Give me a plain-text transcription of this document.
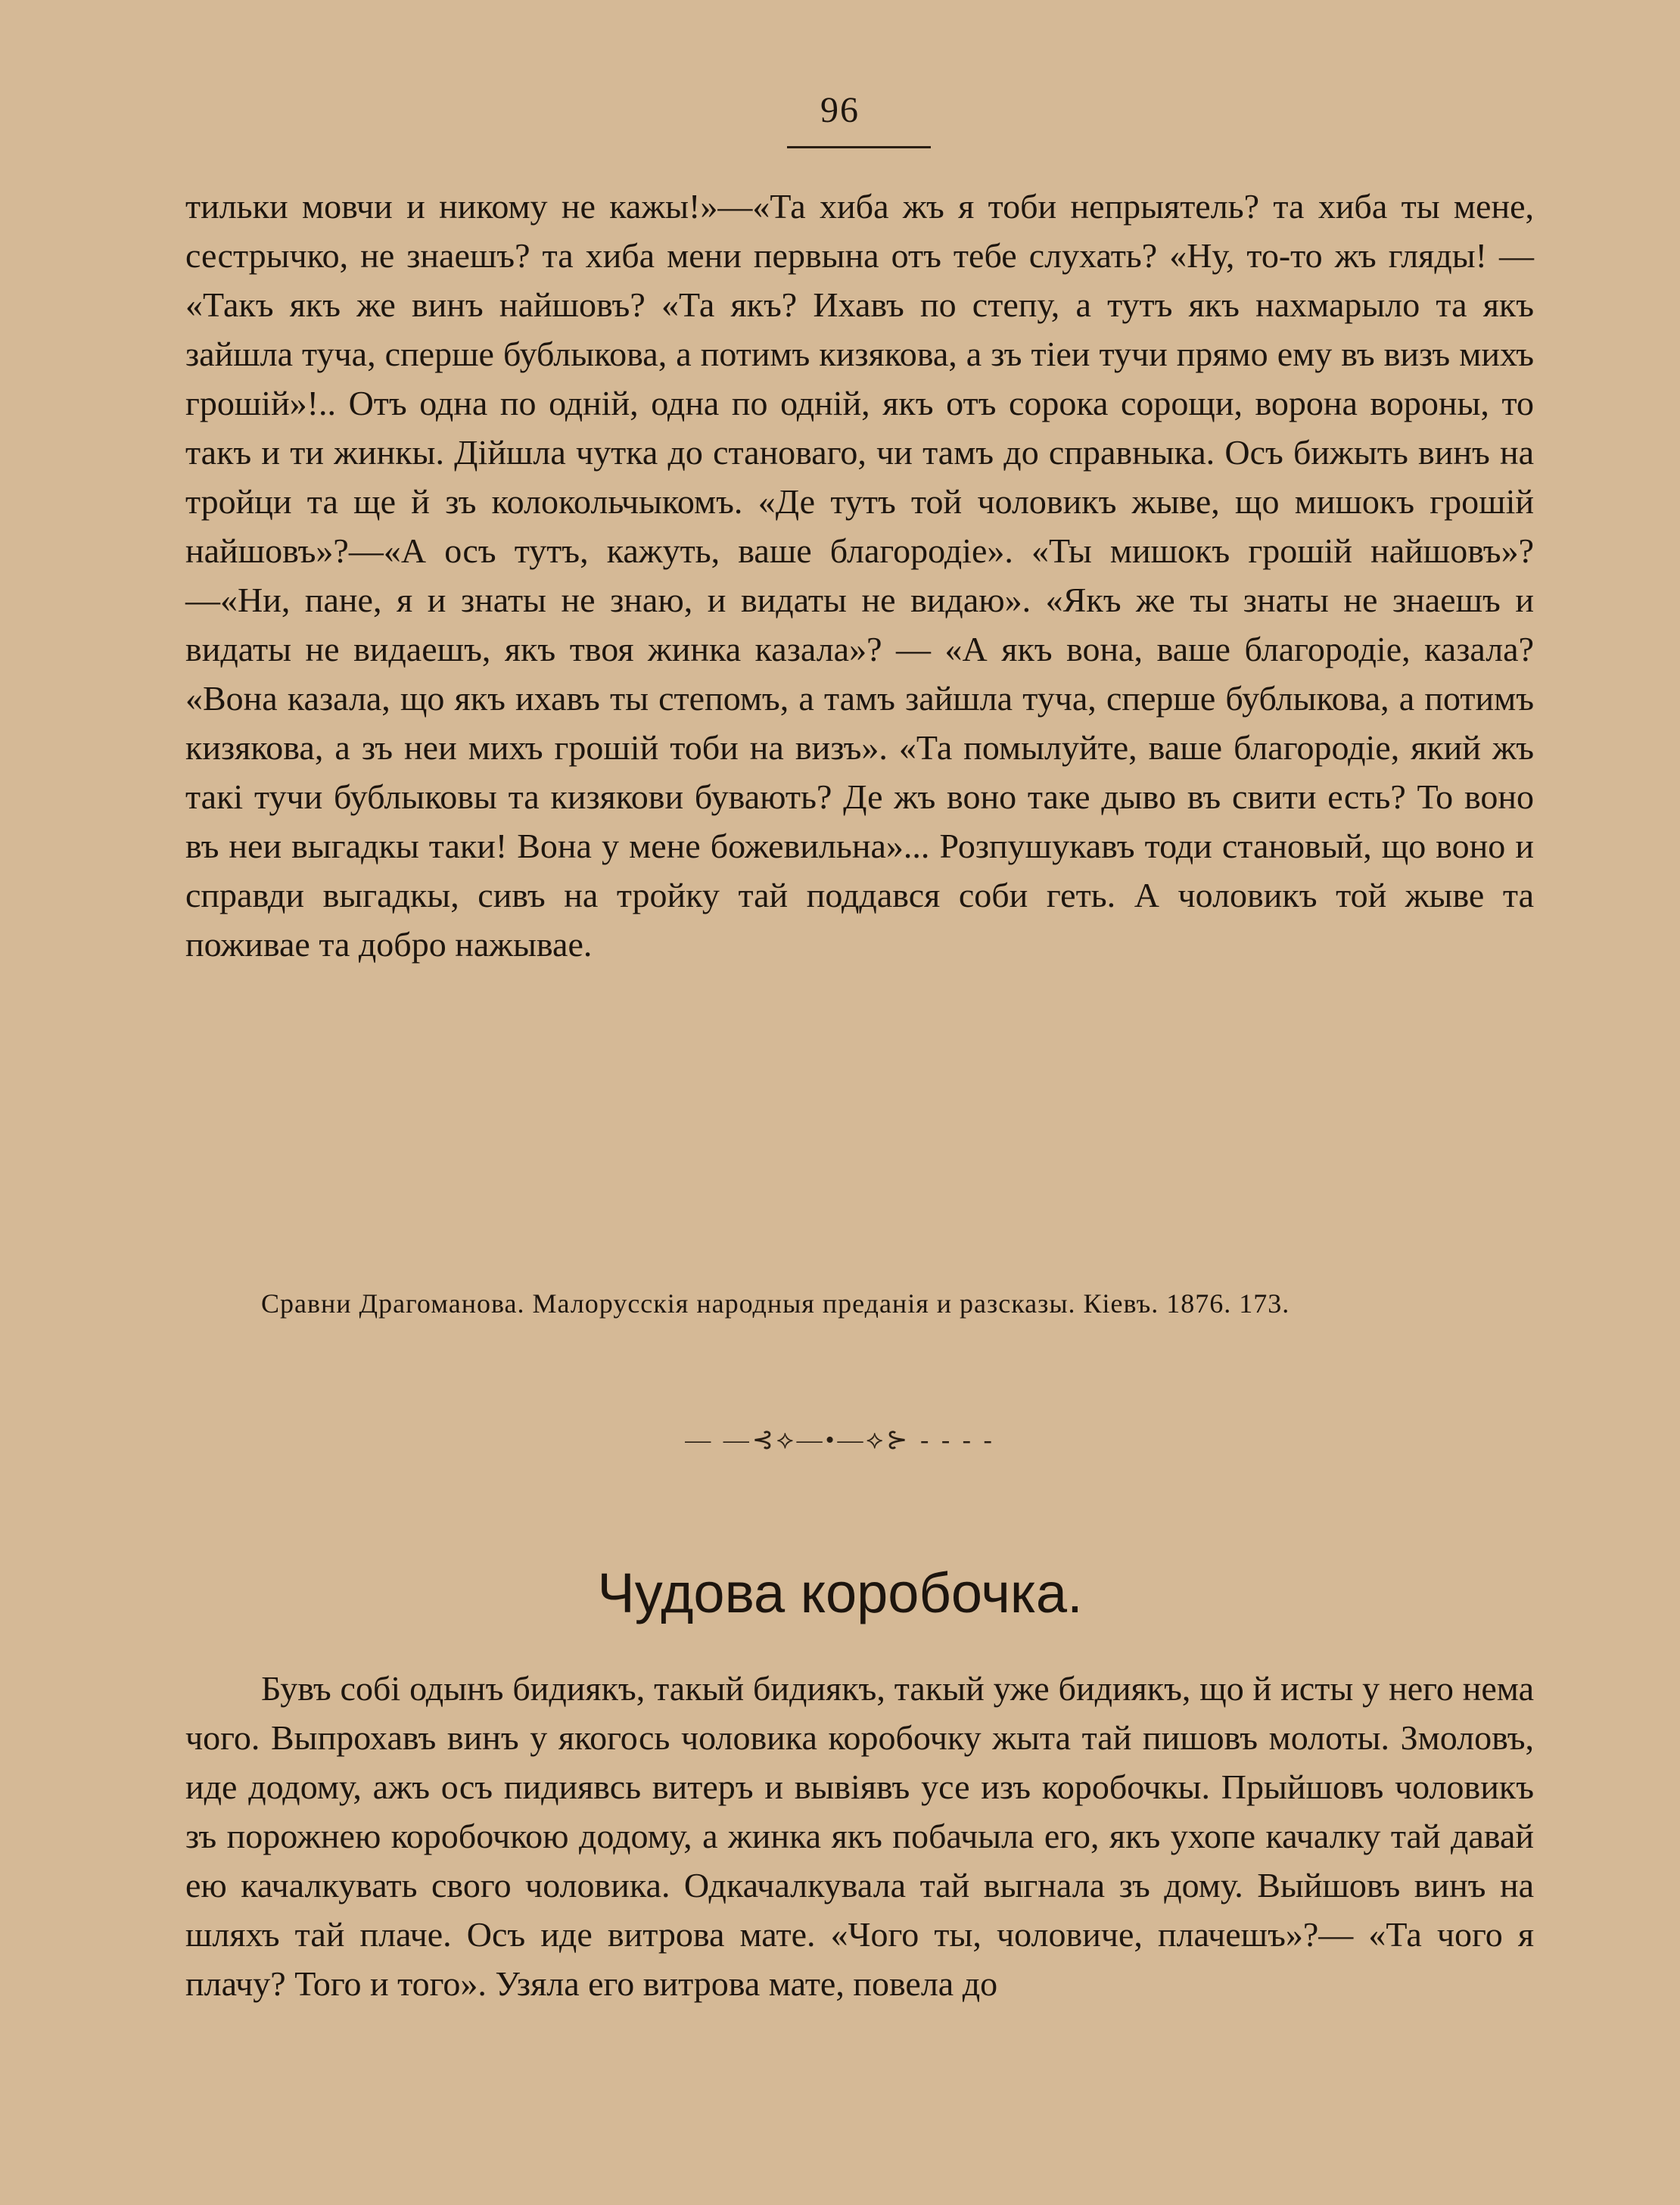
96

тильки мовчи и никому не кажы!»—«Та хиба жъ я тоби непрыятель? та хиба ты мене, сестрычко, не знаешъ? та хиба мени первына отъ тебе слухать? «Ну, то-то жъ гляды! — «Такъ якъ же винъ найшовъ? «Та якъ? Ихавъ по степу, а тутъ якъ нахмарыло та якъ зайшла туча, сперше бублыкова, а потимъ кизякова, а зъ тіеи тучи прямо ему въ визъ михъ грошій»!.. Отъ одна по одній, одна по одній, якъ отъ сорока сорощи, ворона вороны, то такъ и ти жинкы. Дійшла чутка до становаго, чи тамъ до справныка. Осъ бижыть винъ на тройци та ще й зъ колокольчыкомъ. «Де тутъ той чоловикъ жыве, що мишокъ грошій найшовъ»?—«А осъ тутъ, кажуть, ваше благородіе». «Ты мишокъ грошій найшовъ»?—«Ни, пане, я и знаты не знаю, и видаты не видаю». «Якъ же ты знаты не знаешъ и видаты не видаешъ, якъ твоя жинка казала»? — «А якъ вона, ваше благородіе, казала? «Вона казала, що якъ ихавъ ты степомъ, а тамъ зайшла туча, сперше бублыкова, а потимъ кизякова, а зъ неи михъ грошій тоби на визъ». «Та помылуйте, ваше благородіе, який жъ такі тучи бублыковы та кизякови бувають? Де жъ воно таке дыво въ свити есть? То воно въ неи выгадкы таки! Вона у мене божевильна»... Розпушукавъ тоди становый, що воно и справди выгадкы, сивъ на тройку тай поддався соби геть. А чоловикъ той жыве та поживае та добро нажывае.

Сравни Драгоманова. Малорусскія народныя преданія и разсказы. Кіевъ. 1876. 173.

— —⊰⟡—•—⟡⊱ - - - -
Чудова коробочка.

Бувъ собі одынъ бидиякъ, такый бидиякъ, такый уже бидиякъ, що й исты у него нема чого. Выпрохавъ винъ у якогось чоловика коробочку жыта тай пишовъ молоты. Змоловъ, иде додому, ажъ осъ пидиявсь витеръ и вывіявъ усе изъ коробочкы. Прыйшовъ чоловикъ зъ порожнею коробочкою додому, а жинка якъ побачыла его, якъ ухопе качалку тай давай ею качалкувать свого чоловика. Одкачалкувала тай выгнала зъ дому. Выйшовъ винъ на шляхъ тай плаче. Осъ иде витрова мате. «Чого ты, чоловиче, плачешъ»?— «Та чого я плачу? Того и того». Узяла его витрова мате, повела до
